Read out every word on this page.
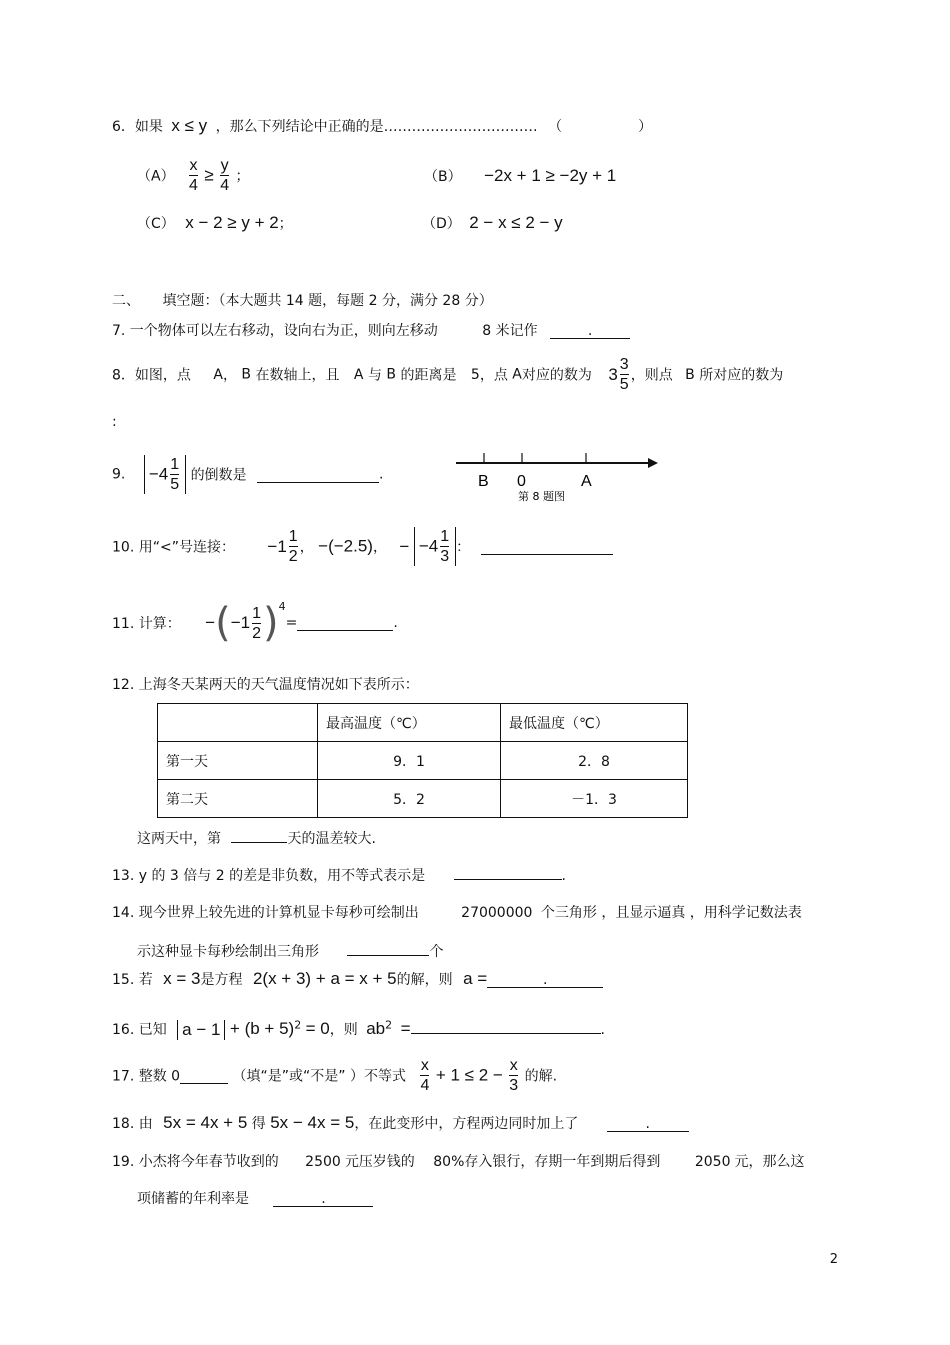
6．如果 x ≤ y ，那么下列结论中正确的是…………………………… （	）
$(A) \frac{x}{4} \ge \frac{y}{4}$ ；	（B） −2x + 1 ≥ −2y + 1
（C） x − 2 ≥ y + 2；	（D） 2 − x ≤ 2 − y
二、 填空题：（本大题共 14 题，每题 2 分，满分 28 分）
7. 一个物体可以左右移动，设向右为正，则向左移动	8 米记作	.
8．如图，点 A， B 在数轴上，且 A 与 B 的距离是 5，点 A对应的数为 $3 \frac{3}{5}$ ，则点 B 所对应的数为
:
9. $-4 \frac{1}{5}$ 的倒数是	.	B 0	A
第 8 题图
10. 用“<”号连接： $-1 \frac{1}{2}$ ， −(−2.5)， − $-4 \frac{1}{3}$ ：
11. 计算： $-(-1 \frac{1}{2} )^4=$	.
12. 上海冬天某两天的天气温度情况如下表所示：
	最高温度（℃）	最低温度（℃）
第一天	9．1	2．8
第二天	5．2	－1．3
这两天中，第	天的温差较大.
13. y 的 3 倍与 2 的差是非负数，用不等式表示是	.
14. 现今世界上较先进的计算机显卡每秒可绘制出	27000000 个三角形 ，且显示逼真 ，用科学记数法表
示这种显卡每秒绘制出三角形	个
15. 若 x = 3是方程 2(x + 3) + a = x + 5的解，则 a =	.
16. 已知 $a - 1 + (b + 5)^2 = 0$，则 $ab^2$ =	.
17. 整数 0	（填“是”或“不是” ）不等式 $\frac{x}{4} + 1 \le 2 - \frac{x}{3}$ 的解.
18. 由 5x = 4x + 5 得 5x − 4x = 5，在此变形中，方程两边同时加上了	.
19. 小杰将今年春节收到的 2500 元压岁钱的 80%存入银行，存期一年到期后得到 2050 元，那么这
项储蓄的年利率是	.
2
